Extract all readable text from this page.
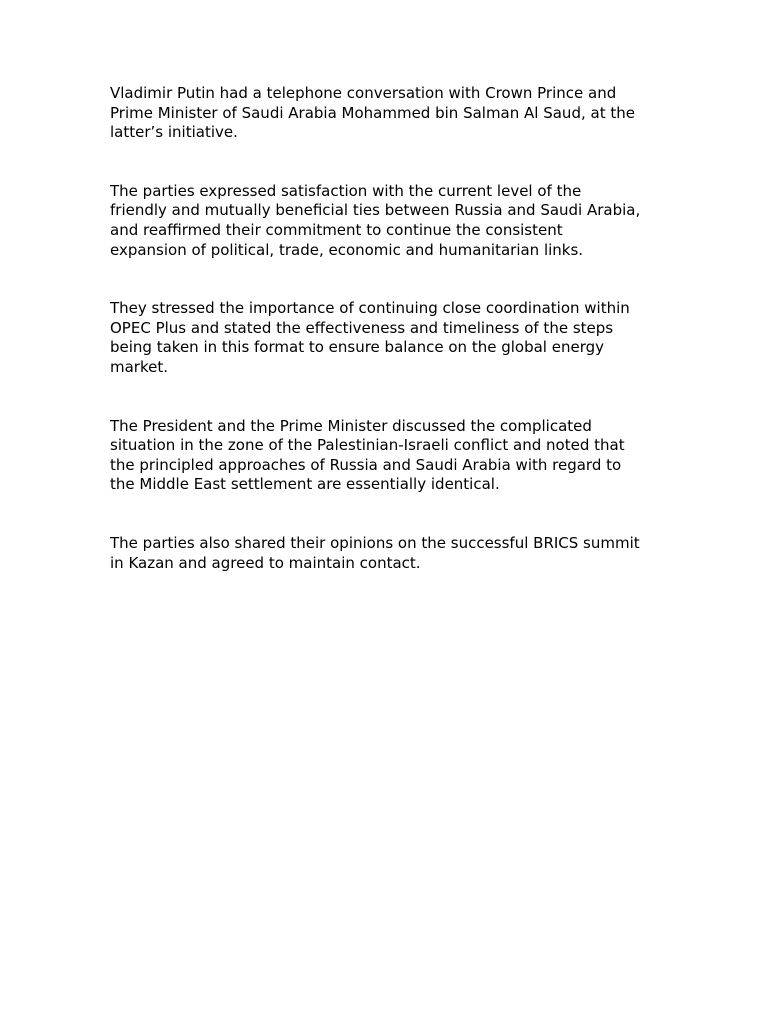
Vladimir Putin had a telephone conversation with Crown Prince and
Prime Minister of Saudi Arabia Mohammed bin Salman Al Saud, at the
latter’s initiative.

The parties expressed satisfaction with the current level of the
friendly and mutually beneficial ties between Russia and Saudi Arabia,
and reaffirmed their commitment to continue the consistent
expansion of political, trade, economic and humanitarian links.

They stressed the importance of continuing close coordination within
OPEC Plus and stated the effectiveness and timeliness of the steps
being taken in this format to ensure balance on the global energy
market.

The President and the Prime Minister discussed the complicated
situation in the zone of the Palestinian-Israeli conflict and noted that
the principled approaches of Russia and Saudi Arabia with regard to
the Middle East settlement are essentially identical.

The parties also shared their opinions on the successful BRICS summit
in Kazan and agreed to maintain contact.
